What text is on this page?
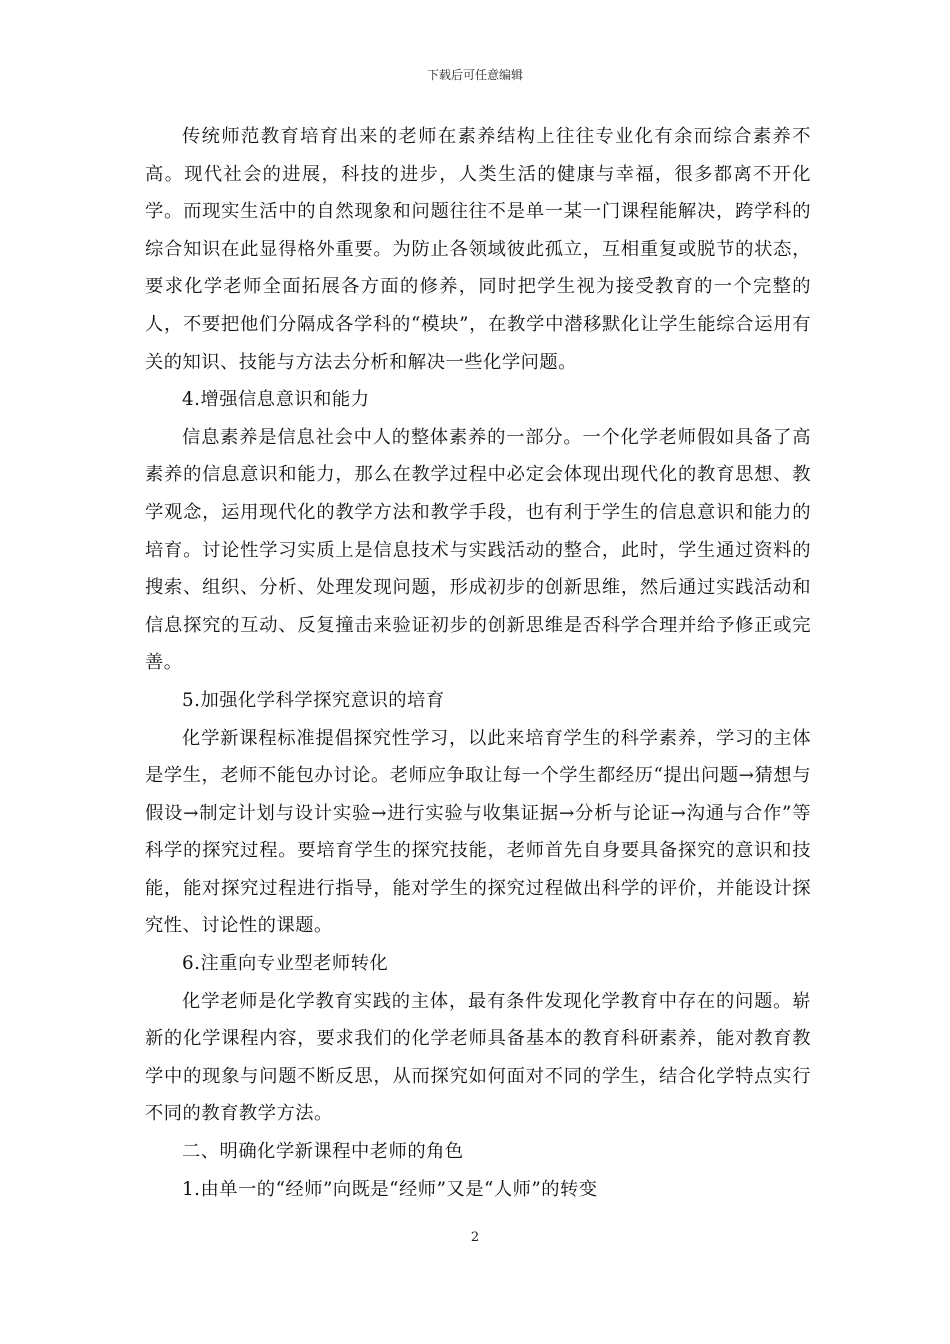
下载后可任意编辑

传统师范教育培育出来的老师在素养结构上往往专业化有余而综合素养不高。现代社会的进展，科技的进步，人类生活的健康与幸福，很多都离不开化学。而现实生活中的自然现象和问题往往不是单一某一门课程能解决，跨学科的综合知识在此显得格外重要。为防止各领域彼此孤立，互相重复或脱节的状态，要求化学老师全面拓展各方面的修养，同时把学生视为接受教育的一个完整的人，不要把他们分隔成各学科的“模块”，在教学中潜移默化让学生能综合运用有关的知识、技能与方法去分析和解决一些化学问题。

4.增强信息意识和能力

信息素养是信息社会中人的整体素养的一部分。一个化学老师假如具备了高素养的信息意识和能力，那么在教学过程中必定会体现出现代化的教育思想、教学观念，运用现代化的教学方法和教学手段，也有利于学生的信息意识和能力的培育。讨论性学习实质上是信息技术与实践活动的整合，此时，学生通过资料的搜索、组织、分析、处理发现问题，形成初步的创新思维，然后通过实践活动和信息探究的互动、反复撞击来验证初步的创新思维是否科学合理并给予修正或完善。

5.加强化学科学探究意识的培育

化学新课程标准提倡探究性学习，以此来培育学生的科学素养，学习的主体是学生，老师不能包办讨论。老师应争取让每一个学生都经历“提出问题→猜想与假设→制定计划与设计实验→进行实验与收集证据→分析与论证→沟通与合作”等科学的探究过程。要培育学生的探究技能，老师首先自身要具备探究的意识和技能，能对探究过程进行指导，能对学生的探究过程做出科学的评价，并能设计探究性、讨论性的课题。

6.注重向专业型老师转化

化学老师是化学教育实践的主体，最有条件发现化学教育中存在的问题。崭新的化学课程内容，要求我们的化学老师具备基本的教育科研素养，能对教育教学中的现象与问题不断反思，从而探究如何面对不同的学生，结合化学特点实行不同的教育教学方法。

二、明确化学新课程中老师的角色

1.由单一的“经师”向既是“经师”又是“人师”的转变

2
